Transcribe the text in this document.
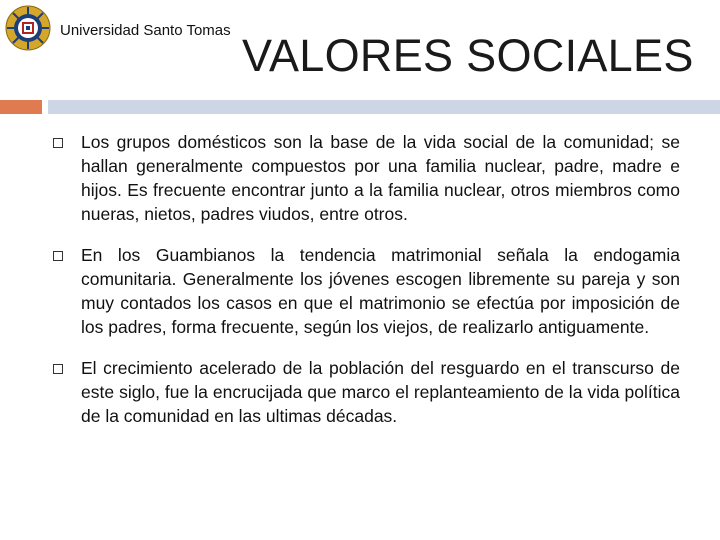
Universidad Santo Tomas VALORES SOCIALES
Los grupos domésticos son la base de la vida social de la comunidad; se hallan generalmente compuestos por una familia nuclear, padre, madre e hijos. Es frecuente encontrar junto a la familia nuclear, otros miembros como nueras, nietos, padres viudos, entre otros.
En los Guambianos la tendencia matrimonial señala la endogamia comunitaria. Generalmente los jóvenes escogen libremente su pareja y son muy contados los casos en que el matrimonio se efectúa por imposición de los padres, forma frecuente, según los viejos, de realizarlo antiguamente.
El crecimiento acelerado de la población del resguardo en el transcurso de este siglo, fue la encrucijada que marco el replanteamiento de la vida política de la comunidad en las ultimas décadas.
